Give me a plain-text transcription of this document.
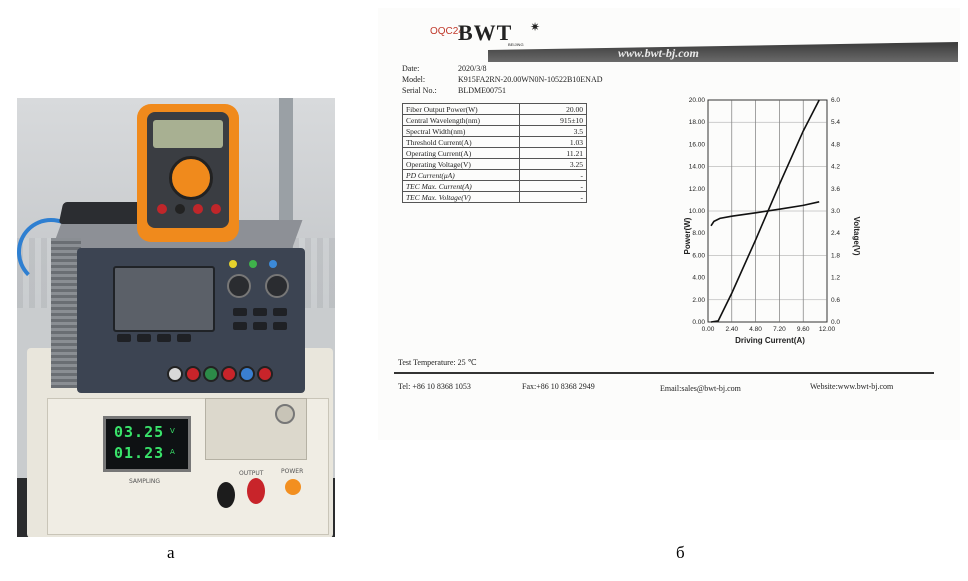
03.25 V
01.23 A
SAMPLING
OUTPUT	POWER
a
OQC24
BWT ✷
BEIJING
www.bwt-bj.com
Date:	2020/3/8
Model:	K915FA2RN-20.00WN0N-10522B10ENAD
Serial No.:	BLDME00751
Fiber Output Power(W)	20.00
Central Wavelength(nm)	915±10
Spectral Width(nm)	3.5
Threshold Current(A)	1.03
Operating Current(A)	11.21
Operating Voltage(V)	3.25
PD Current(μA)	-
TEC Max. Current(A)	-
TEC Max. Voltage(V)	-
0.00 2.40 4.80 7.20 9.60 12.00
0.00
2.00
4.00
6.00
8.00
10.00
12.00
14.00
16.00
18.00
20.00
0.0
0.6
1.2
1.8
2.4
3.0
3.6
4.2
4.8
5.4
6.0
Driving Current(A)
Power(W)	Voltage(V)
Test Temperature: 25 ℃
Tel: +86 10 8368 1053	Fax:+86 10 8368 2949	Email:sales@bwt-bj.com	Website:www.bwt-bj.com
б
